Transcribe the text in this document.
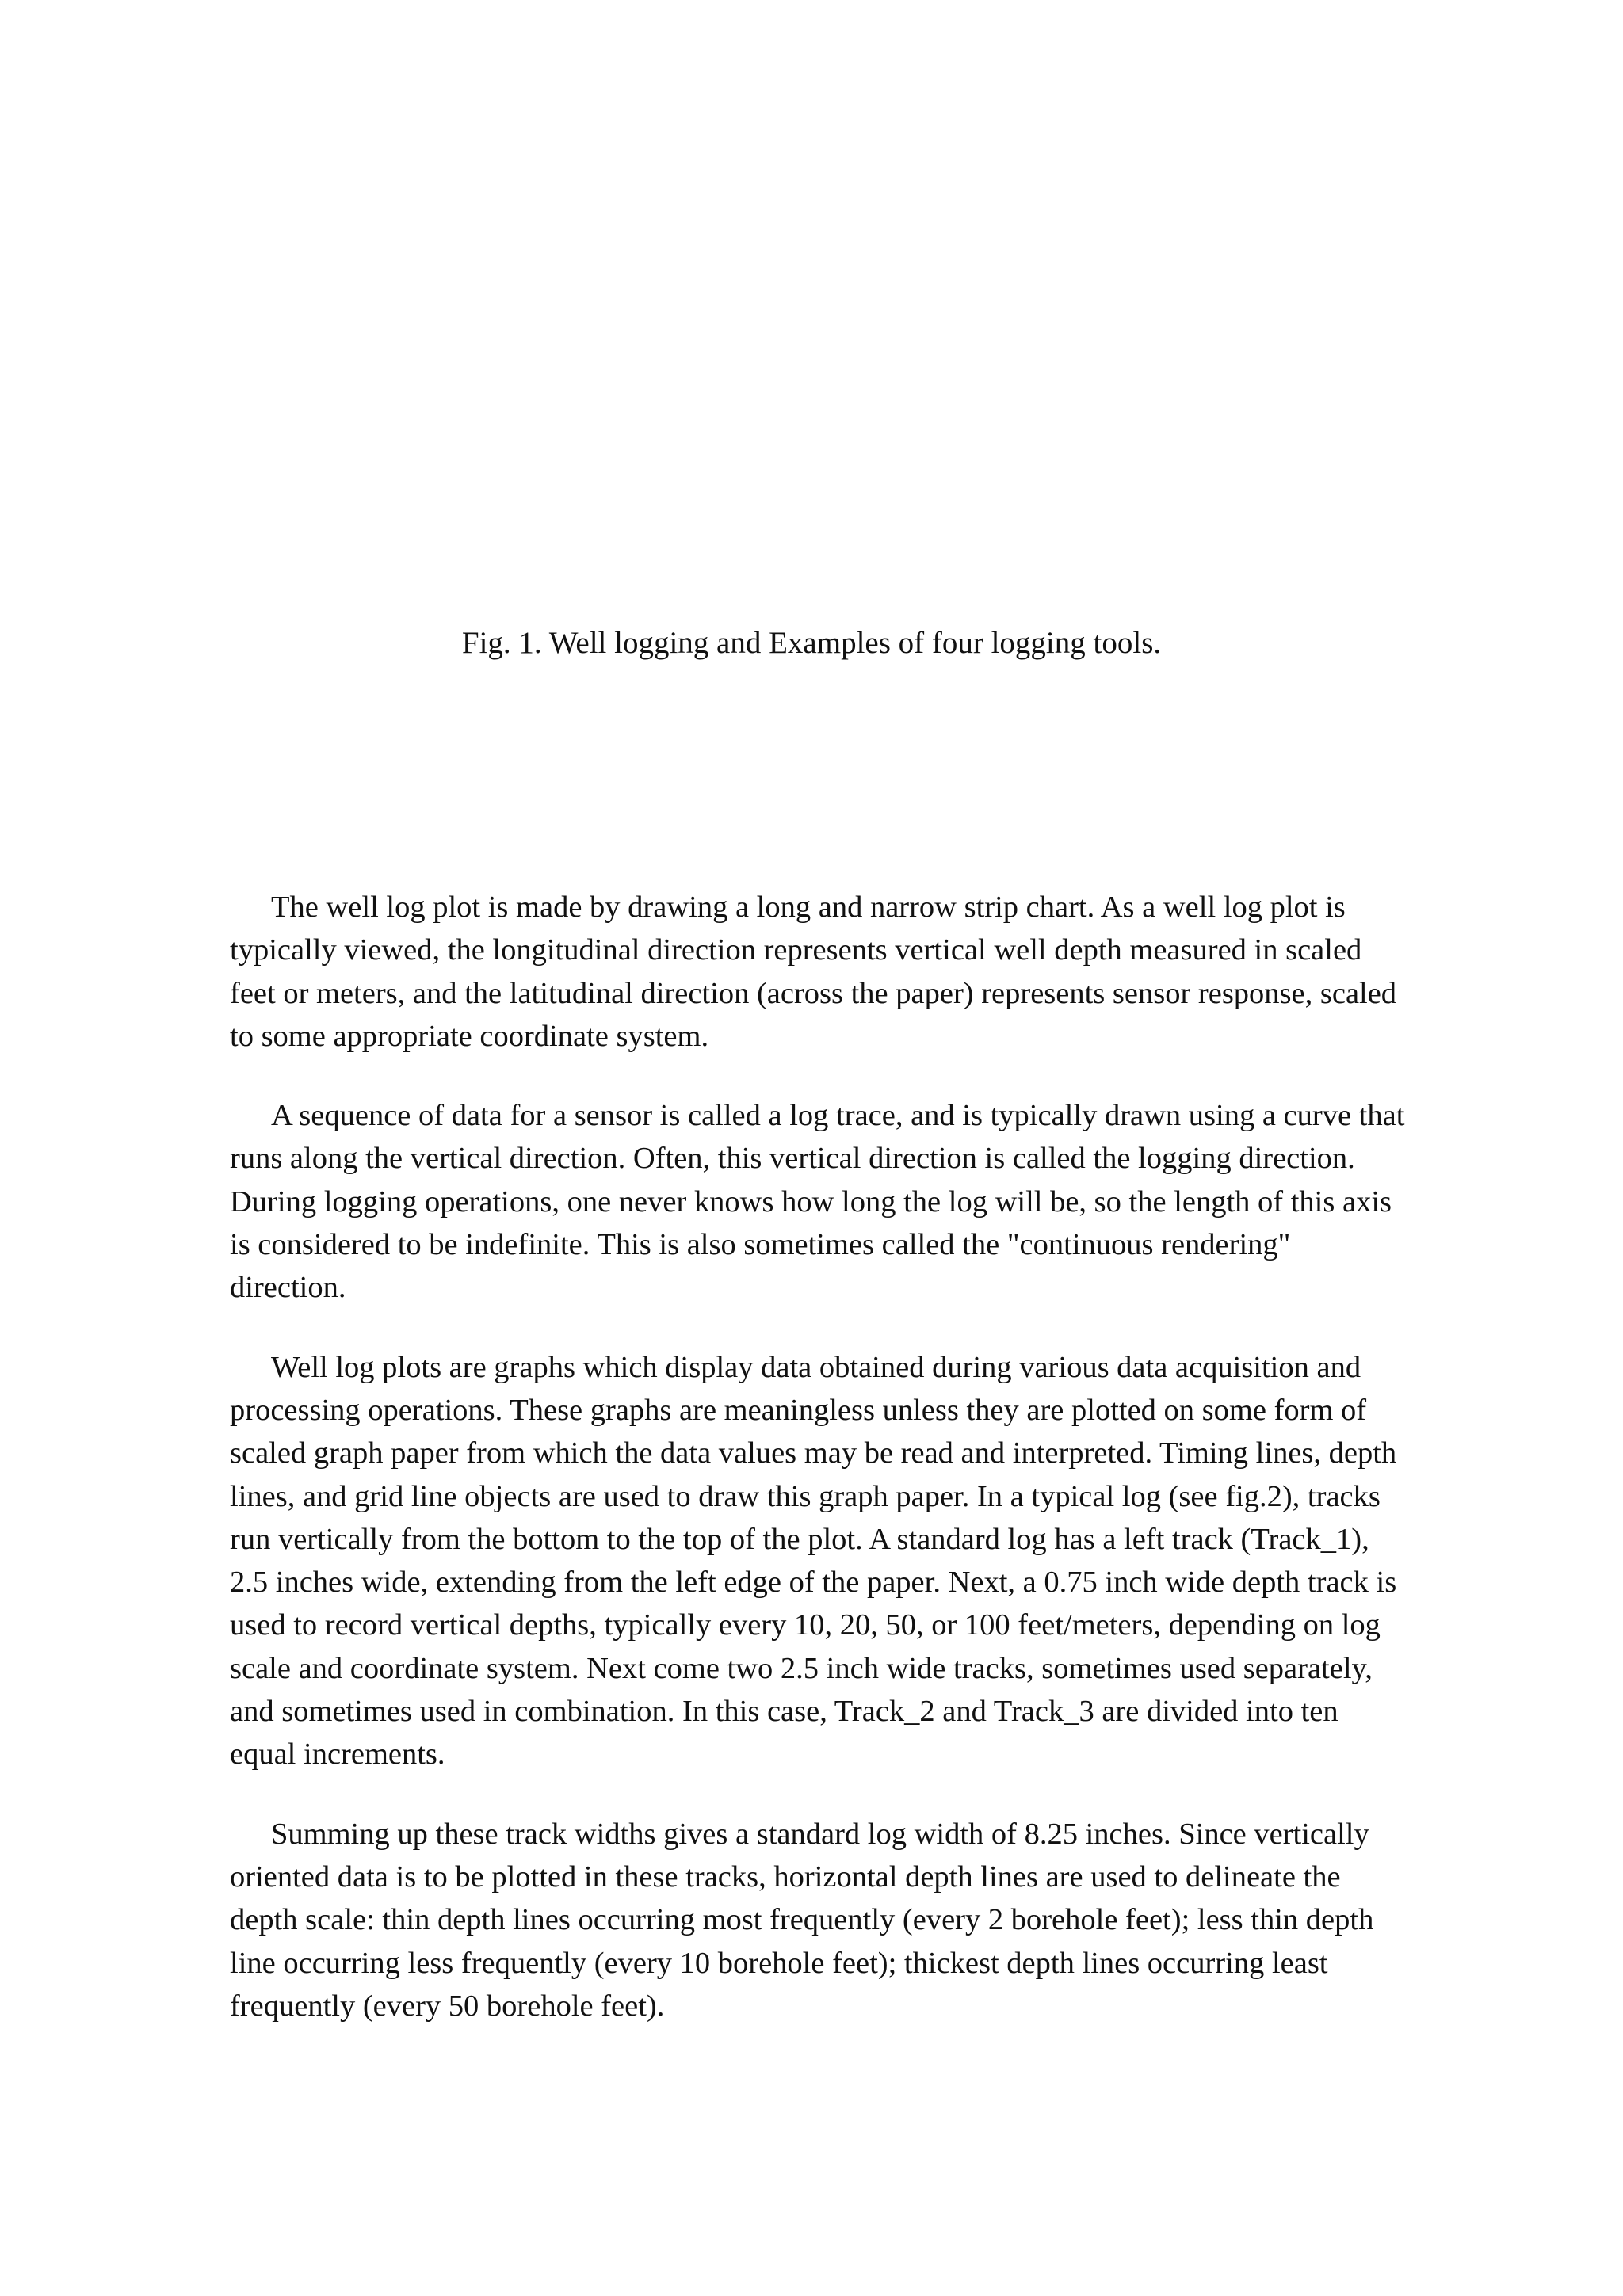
Fig. 1. Well logging and Examples of four logging tools.

The well log plot is made by drawing a long and narrow strip chart. As a well log plot is
typically viewed, the longitudinal direction represents vertical well depth measured in scaled
feet or meters, and the latitudinal direction (across the paper) represents sensor response, scaled
to some appropriate coordinate system.

A sequence of data for a sensor is called a log trace, and is typically drawn using a curve that
runs along the vertical direction. Often, this vertical direction is called the logging direction.
During logging operations, one never knows how long the log will be, so the length of this axis
is considered to be indefinite. This is also sometimes called the "continuous rendering"
direction.

Well log plots are graphs which display data obtained during various data acquisition and
processing operations. These graphs are meaningless unless they are plotted on some form of
scaled graph paper from which the data values may be read and interpreted. Timing lines, depth
lines, and grid line objects are used to draw this graph paper. In a typical log (see fig.2), tracks
run vertically from the bottom to the top of the plot. A standard log has a left track (Track_1),
2.5 inches wide, extending from the left edge of the paper. Next, a 0.75 inch wide depth track is
used to record vertical depths, typically every 10, 20, 50, or 100 feet/meters, depending on log
scale and coordinate system. Next come two 2.5 inch wide tracks, sometimes used separately,
and sometimes used in combination. In this case, Track_2 and Track_3 are divided into ten
equal increments.

Summing up these track widths gives a standard log width of 8.25 inches. Since vertically
oriented data is to be plotted in these tracks, horizontal depth lines are used to delineate the
depth scale: thin depth lines occurring most frequently (every 2 borehole feet); less thin depth
line occurring less frequently (every 10 borehole feet); thickest depth lines occurring least
frequently (every 50 borehole feet).
